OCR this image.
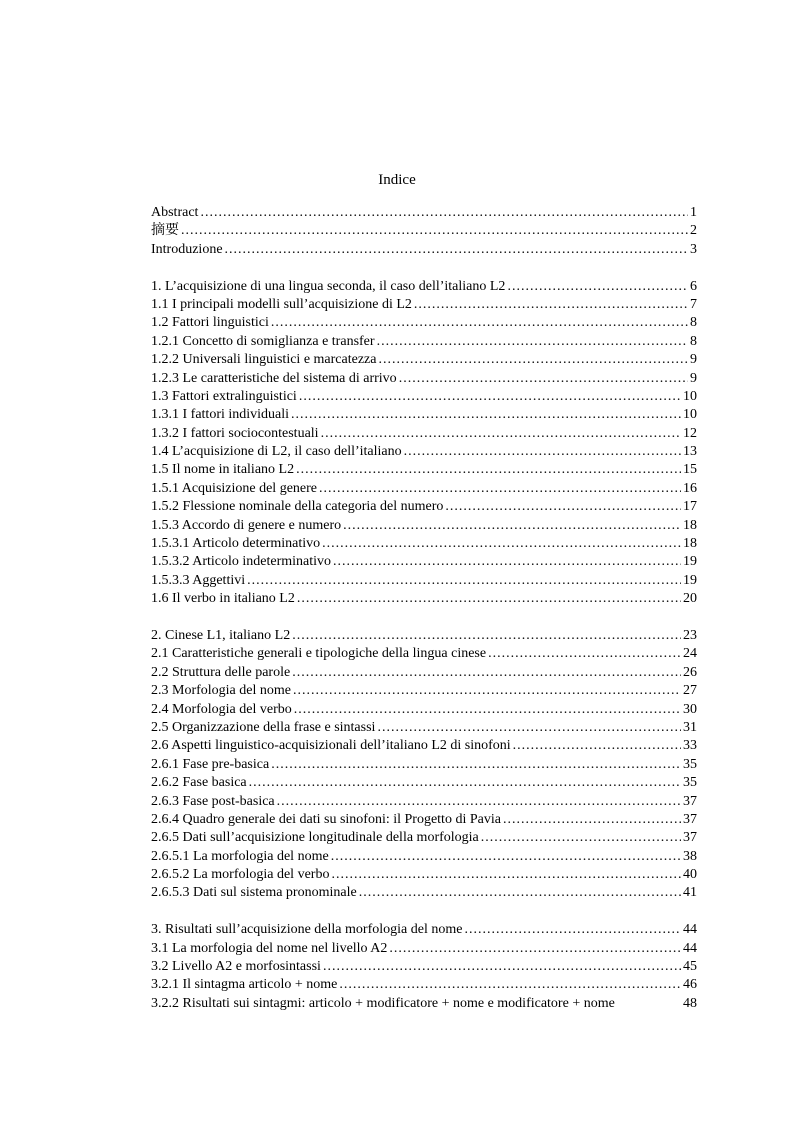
Indice
Abstract .....	1
摘要 .....	2
Introduzione .....	3
1. L’acquisizione di una lingua seconda, il caso dell’italiano L2 .....	6
1.1 I principali modelli sull’acquisizione di L2 .....	7
1.2 Fattori linguistici .....	8
1.2.1 Concetto di somiglianza e transfer .....	8
1.2.2 Universali linguistici e marcatezza .....	9
1.2.3 Le caratteristiche del sistema di arrivo .....	9
1.3 Fattori extralinguistici .....	10
1.3.1 I fattori individuali .....	10
1.3.2 I fattori sociocontestuali .....	12
1.4 L’acquisizione di L2, il caso dell’italiano .....	13
1.5 Il nome in italiano L2 .....	15
1.5.1 Acquisizione del genere .....	16
1.5.2 Flessione nominale della categoria del numero .....	17
1.5.3 Accordo di genere e numero .....	18
1.5.3.1 Articolo determinativo .....	18
1.5.3.2 Articolo indeterminativo .....	19
1.5.3.3 Aggettivi .....	19
1.6 Il verbo in italiano L2 .....	20
2. Cinese L1, italiano L2 .....	23
2.1 Caratteristiche generali e tipologiche della lingua cinese .....	24
2.2 Struttura delle parole .....	26
2.3 Morfologia del nome .....	27
2.4 Morfologia del verbo .....	30
2.5 Organizzazione della frase e sintassi .....	31
2.6 Aspetti linguistico-acquisizionali dell’italiano L2 di sinofoni .....	33
2.6.1 Fase pre-basica .....	35
2.6.2 Fase basica .....	35
2.6.3 Fase post-basica .....	37
2.6.4 Quadro generale dei dati su sinofoni: il Progetto di Pavia .....	37
2.6.5 Dati sull’acquisizione longitudinale della morfologia .....	37
2.6.5.1 La morfologia del nome .....	38
2.6.5.2 La morfologia del verbo .....	40
2.6.5.3 Dati sul sistema pronominale .....	41
3. Risultati sull’acquisizione della morfologia del nome .....	44
3.1 La morfologia del nome nel livello A2 .....	44
3.2 Livello A2 e morfosintassi .....	45
3.2.1 Il sintagma articolo + nome .....	46
3.2.2 Risultati sui sintagmi: articolo + modificatore + nome e modificatore + nome	48
